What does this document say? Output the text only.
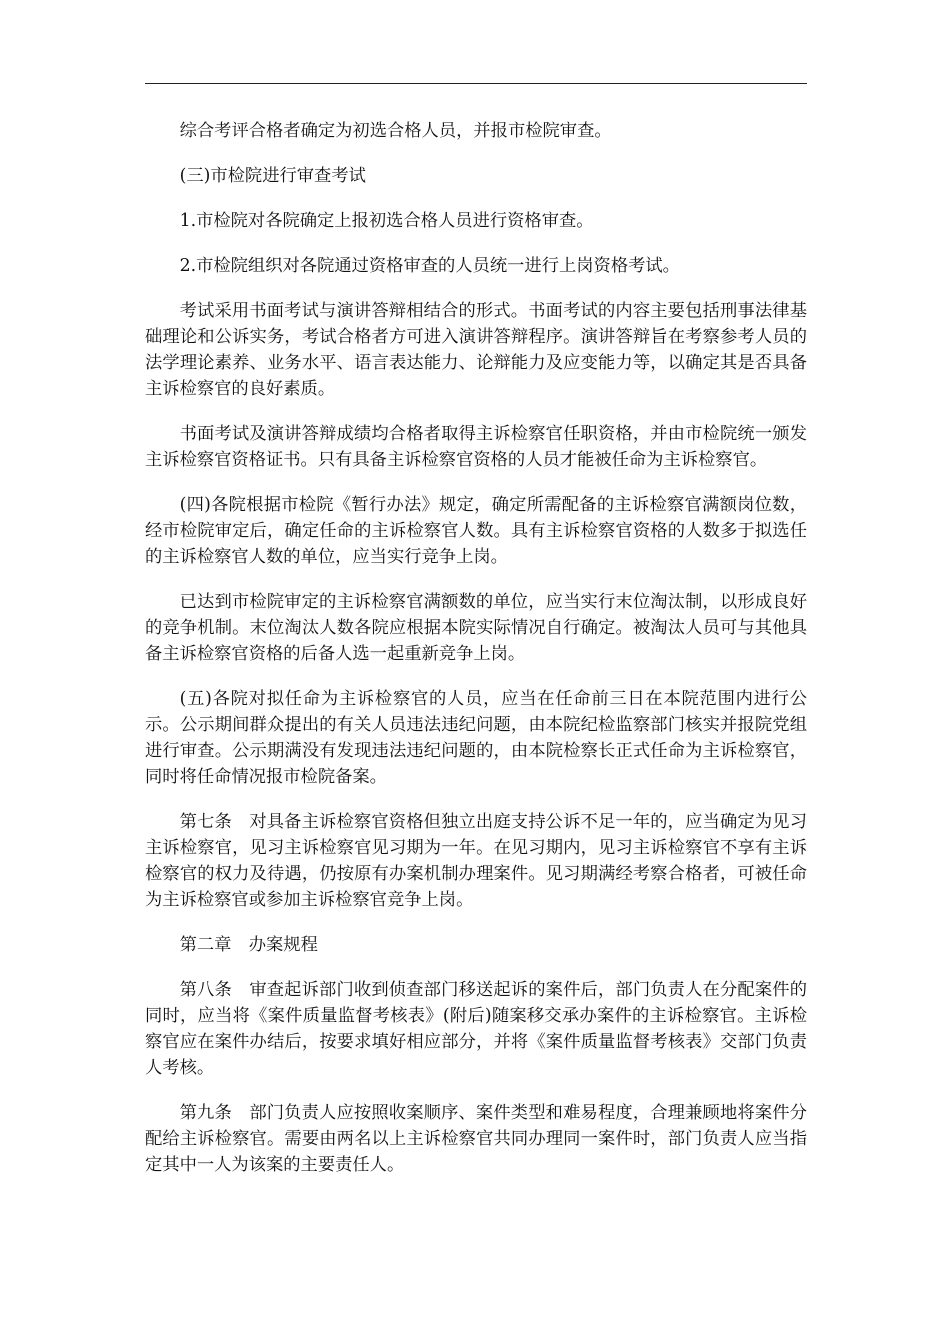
综合考评合格者确定为初选合格人员，并报市检院审查。

(三)市检院进行审查考试

1.市检院对各院确定上报初选合格人员进行资格审查。

2.市检院组织对各院通过资格审查的人员统一进行上岗资格考试。

考试采用书面考试与演讲答辩相结合的形式。书面考试的内容主要包括刑事法律基础理论和公诉实务，考试合格者方可进入演讲答辩程序。演讲答辩旨在考察参考人员的法学理论素养、业务水平、语言表达能力、论辩能力及应变能力等，以确定其是否具备主诉检察官的良好素质。

书面考试及演讲答辩成绩均合格者取得主诉检察官任职资格，并由市检院统一颁发主诉检察官资格证书。只有具备主诉检察官资格的人员才能被任命为主诉检察官。

(四)各院根据市检院《暂行办法》规定，确定所需配备的主诉检察官满额岗位数，经市检院审定后，确定任命的主诉检察官人数。具有主诉检察官资格的人数多于拟选任的主诉检察官人数的单位，应当实行竞争上岗。

已达到市检院审定的主诉检察官满额数的单位，应当实行末位淘汰制，以形成良好的竞争机制。末位淘汰人数各院应根据本院实际情况自行确定。被淘汰人员可与其他具备主诉检察官资格的后备人选一起重新竞争上岗。

(五)各院对拟任命为主诉检察官的人员，应当在任命前三日在本院范围内进行公示。公示期间群众提出的有关人员违法违纪问题，由本院纪检监察部门核实并报院党组进行审查。公示期满没有发现违法违纪问题的，由本院检察长正式任命为主诉检察官，同时将任命情况报市检院备案。

第七条　对具备主诉检察官资格但独立出庭支持公诉不足一年的，应当确定为见习主诉检察官，见习主诉检察官见习期为一年。在见习期内，见习主诉检察官不享有主诉检察官的权力及待遇，仍按原有办案机制办理案件。见习期满经考察合格者，可被任命为主诉检察官或参加主诉检察官竞争上岗。

第二章　办案规程

第八条　审查起诉部门收到侦查部门移送起诉的案件后，部门负责人在分配案件的同时，应当将《案件质量监督考核表》(附后)随案移交承办案件的主诉检察官。主诉检察官应在案件办结后，按要求填好相应部分，并将《案件质量监督考核表》交部门负责人考核。

第九条　部门负责人应按照收案顺序、案件类型和难易程度，合理兼顾地将案件分配给主诉检察官。需要由两名以上主诉检察官共同办理同一案件时，部门负责人应当指定其中一人为该案的主要责任人。
